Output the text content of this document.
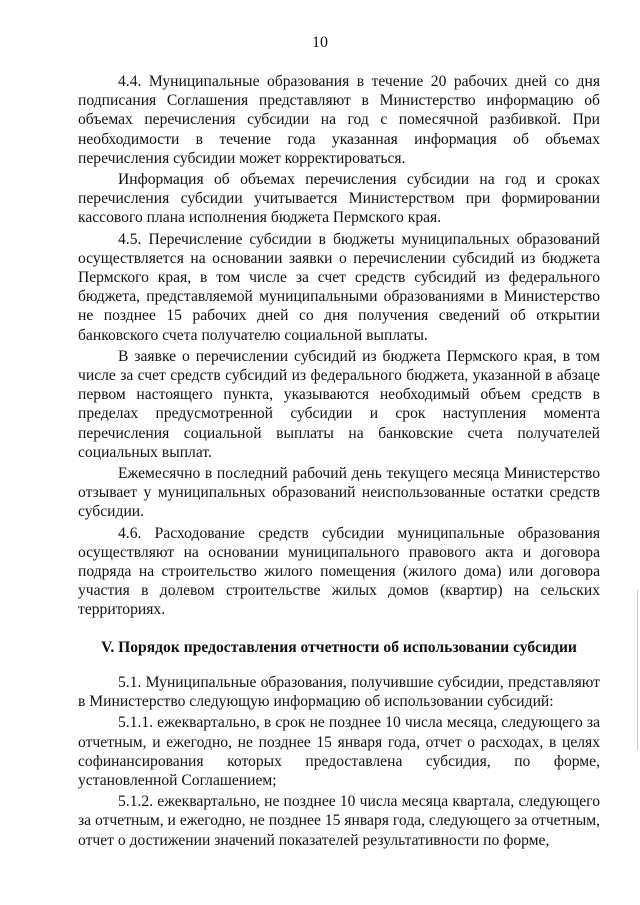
10

4.4. Муниципальные образования в течение 20 рабочих дней со дня подписания Соглашения представляют в Министерство информацию об объемах перечисления субсидии на год с помесячной разбивкой. При необходимости в течение года указанная информация об объемах перечисления субсидии может корректироваться.

Информация об объемах перечисления субсидии на год и сроках перечисления субсидии учитывается Министерством при формировании кассового плана исполнения бюджета Пермского края.

4.5. Перечисление субсидии в бюджеты муниципальных образований осуществляется на основании заявки о перечислении субсидий из бюджета Пермского края, в том числе за счет средств субсидий из федерального бюджета, представляемой муниципальными образованиями в Министерство не позднее 15 рабочих дней со дня получения сведений об открытии банковского счета получателю социальной выплаты.

В заявке о перечислении субсидий из бюджета Пермского края, в том числе за счет средств субсидий из федерального бюджета, указанной в абзаце первом настоящего пункта, указываются необходимый объем средств в пределах предусмотренной субсидии и срок наступления момента перечисления социальной выплаты на банковские счета получателей социальных выплат.

Ежемесячно в последний рабочий день текущего месяца Министерство отзывает у муниципальных образований неиспользованные остатки средств субсидии.

4.6. Расходование средств субсидии муниципальные образования осуществляют на основании муниципального правового акта и договора подряда на строительство жилого помещения (жилого дома) или договора участия в долевом строительстве жилых домов (квартир) на сельских территориях.

V. Порядок предоставления отчетности об использовании субсидии

5.1. Муниципальные образования, получившие субсидии, представляют в Министерство следующую информацию об использовании субсидий:

5.1.1. ежеквартально, в срок не позднее 10 числа месяца, следующего за отчетным, и ежегодно, не позднее 15 января года, отчет о расходах, в целях софинансирования которых предоставлена субсидия, по форме, установленной Соглашением;

5.1.2. ежеквартально, не позднее 10 числа месяца квартала, следующего за отчетным, и ежегодно, не позднее 15 января года, следующего за отчетным, отчет о достижении значений показателей результативности по форме,
